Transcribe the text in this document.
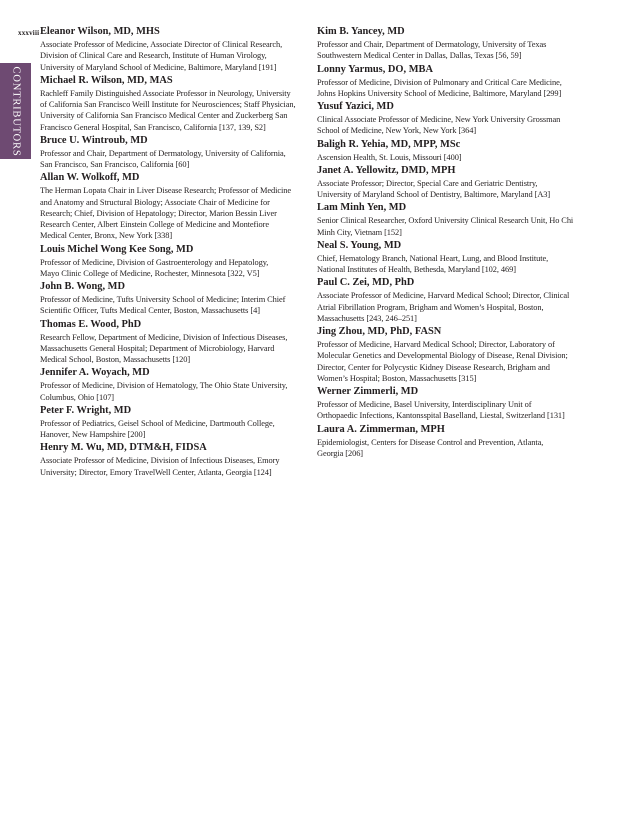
xxxviii
CONTRIBUTORS
Eleanor Wilson, MD, MHS
Associate Professor of Medicine, Associate Director of Clinical Research,
Division of Clinical Care and Research, Institute of Human Virology,
University of Maryland School of Medicine, Baltimore, Maryland [191]
Michael R. Wilson, MD, MAS
Rachleff Family Distinguished Associate Professor in Neurology, University
of California San Francisco Weill Institute for Neurosciences; Staff Physician,
University of California San Francisco Medical Center and Zuckerberg San
Francisco General Hospital, San Francisco, California [137, 139, S2]
Bruce U. Wintroub, MD
Professor and Chair, Department of Dermatology, University of California,
San Francisco, San Francisco, California [60]
Allan W. Wolkoff, MD
The Herman Lopata Chair in Liver Disease Research; Professor of Medicine
and Anatomy and Structural Biology; Associate Chair of Medicine for
Research; Chief, Division of Hepatology; Director, Marion Bessin Liver
Research Center, Albert Einstein College of Medicine and Montefiore
Medical Center, Bronx, New York [338]
Louis Michel Wong Kee Song, MD
Professor of Medicine, Division of Gastroenterology and Hepatology,
Mayo Clinic College of Medicine, Rochester, Minnesota [322, V5]
John B. Wong, MD
Professor of Medicine, Tufts University School of Medicine; Interim Chief
Scientific Officer, Tufts Medical Center, Boston, Massachusetts [4]
Thomas E. Wood, PhD
Research Fellow, Department of Medicine, Division of Infectious Diseases,
Massachusetts General Hospital; Department of Microbiology, Harvard
Medical School, Boston, Massachusetts [120]
Jennifer A. Woyach, MD
Professor of Medicine, Division of Hematology, The Ohio State University,
Columbus, Ohio [107]
Peter F. Wright, MD
Professor of Pediatrics, Geisel School of Medicine, Dartmouth College,
Hanover, New Hampshire [200]
Henry M. Wu, MD, DTM&H, FIDSA
Associate Professor of Medicine, Division of Infectious Diseases, Emory
University; Director, Emory TravelWell Center, Atlanta, Georgia [124]
Kim B. Yancey, MD
Professor and Chair, Department of Dermatology, University of Texas
Southwestern Medical Center in Dallas, Dallas, Texas [56, 59]
Lonny Yarmus, DO, MBA
Professor of Medicine, Division of Pulmonary and Critical Care Medicine,
Johns Hopkins University School of Medicine, Baltimore, Maryland [299]
Yusuf Yazici, MD
Clinical Associate Professor of Medicine, New York University Grossman
School of Medicine, New York, New York [364]
Baligh R. Yehia, MD, MPP, MSc
Ascension Health, St. Louis, Missouri [400]
Janet A. Yellowitz, DMD, MPH
Associate Professor; Director, Special Care and Geriatric Dentistry,
University of Maryland School of Dentistry, Baltimore, Maryland [A3]
Lam Minh Yen, MD
Senior Clinical Researcher, Oxford University Clinical Research Unit, Ho Chi
Minh City, Vietnam [152]
Neal S. Young, MD
Chief, Hematology Branch, National Heart, Lung, and Blood Institute,
National Institutes of Health, Bethesda, Maryland [102, 469]
Paul C. Zei, MD, PhD
Associate Professor of Medicine, Harvard Medical School; Director, Clinical
Atrial Fibrillation Program, Brigham and Women’s Hospital, Boston,
Massachusetts [243, 246–251]
Jing Zhou, MD, PhD, FASN
Professor of Medicine, Harvard Medical School; Director, Laboratory of
Molecular Genetics and Developmental Biology of Disease, Renal Division;
Director, Center for Polycystic Kidney Disease Research, Brigham and
Women’s Hospital; Boston, Massachusetts [315]
Werner Zimmerli, MD
Professor of Medicine, Basel University, Interdisciplinary Unit of
Orthopaedic Infections, Kantonsspital Baselland, Liestal, Switzerland [131]
Laura A. Zimmerman, MPH
Epidemiologist, Centers for Disease Control and Prevention, Atlanta,
Georgia [206]
